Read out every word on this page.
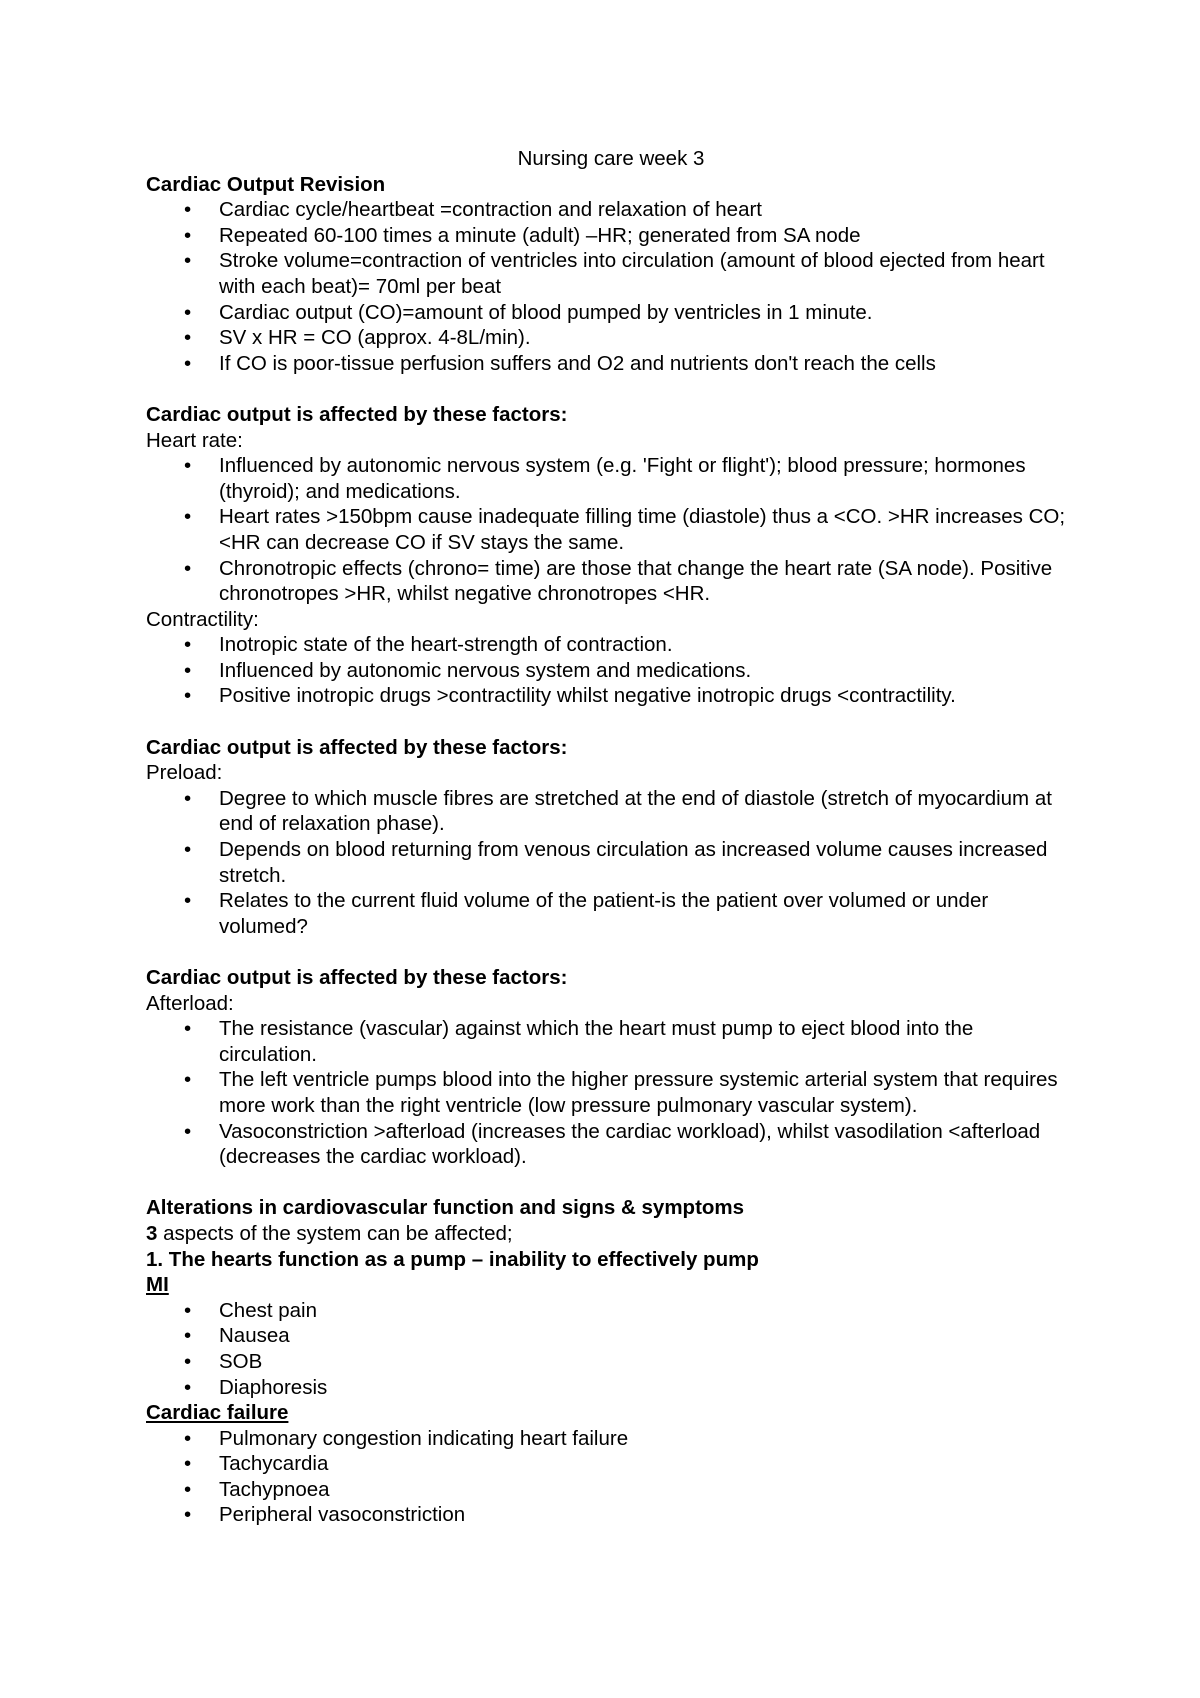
Nursing care week 3

Cardiac Output Revision

• Cardiac cycle/heartbeat =contraction and relaxation of heart
• Repeated 60-100 times a minute (adult) –HR; generated from SA node
• Stroke volume=contraction of ventricles into circulation (amount of blood ejected from heart with each beat)= 70ml per beat
• Cardiac output (CO)=amount of blood pumped by ventricles in 1 minute.
• SV x HR = CO (approx. 4-8L/min).
• If CO is poor-tissue perfusion suffers and O2 and nutrients don't reach the cells

Cardiac output is affected by these factors:

Heart rate:

• Influenced by autonomic nervous system (e.g. 'Fight or flight'); blood pressure; hormones (thyroid); and medications.
• Heart rates >150bpm cause inadequate filling time (diastole) thus a <CO. >HR increases CO; <HR can decrease CO if SV stays the same.
• Chronotropic effects (chrono= time) are those that change the heart rate (SA node). Positive chronotropes >HR, whilst negative chronotropes <HR.

Contractility:

• Inotropic state of the heart-strength of contraction.
• Influenced by autonomic nervous system and medications.
• Positive inotropic drugs >contractility whilst negative inotropic drugs <contractility.

Cardiac output is affected by these factors:

Preload:

• Degree to which muscle fibres are stretched at the end of diastole (stretch of myocardium at end of relaxation phase).
• Depends on blood returning from venous circulation as increased volume causes increased stretch.
• Relates to the current fluid volume of the patient-is the patient over volumed or under volumed?

Cardiac output is affected by these factors:

Afterload:

• The resistance (vascular) against which the heart must pump to eject blood into the circulation.
• The left ventricle pumps blood into the higher pressure systemic arterial system that requires more work than the right ventricle (low pressure pulmonary vascular system).
• Vasoconstriction >afterload (increases the cardiac workload), whilst vasodilation <afterload (decreases the cardiac workload).

Alterations in cardiovascular function and signs & symptoms

3 aspects of the system can be affected;

1. The hearts function as a pump – inability to effectively pump

MI

• Chest pain
• Nausea
• SOB
• Diaphoresis

Cardiac failure

• Pulmonary congestion indicating heart failure
• Tachycardia
• Tachypnoea
• Peripheral vasoconstriction
